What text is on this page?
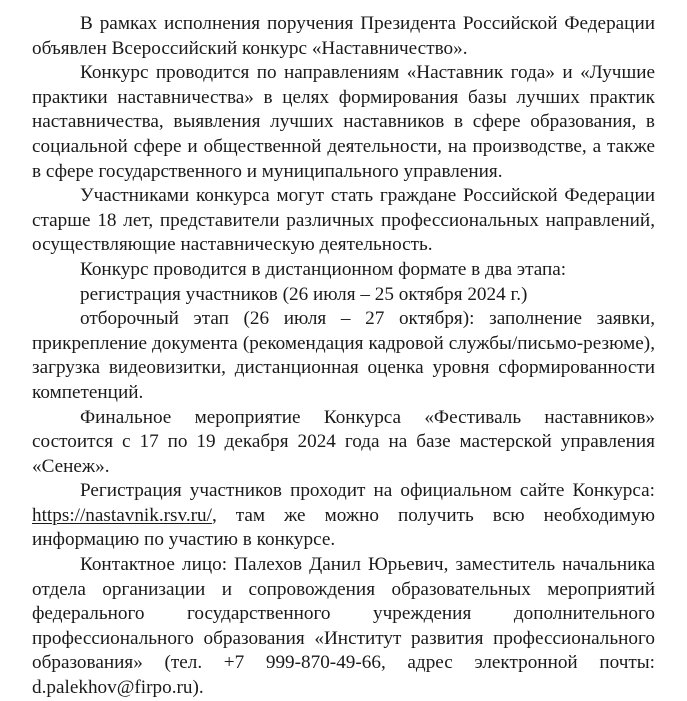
В рамках исполнения поручения Президента Российской Федерации объявлен Всероссийский конкурс «Наставничество».

Конкурс проводится по направлениям «Наставник года» и «Лучшие практики наставничества» в целях формирования базы лучших практик наставничества, выявления лучших наставников в сфере образования, в социальной сфере и общественной деятельности, на производстве, а также в сфере государственного и муниципального управления.

Участниками конкурса могут стать граждане Российской Федерации старше 18 лет, представители различных профессиональных направлений, осуществляющие наставническую деятельность.

Конкурс проводится в дистанционном формате в два этапа:

регистрация участников (26 июля – 25 октября 2024 г.)

отборочный этап (26 июля – 27 октября): заполнение заявки, прикрепление документа (рекомендация кадровой службы/письмо-резюме), загрузка видеовизитки, дистанционная оценка уровня сформированности компетенций.

Финальное мероприятие Конкурса «Фестиваль наставников» состоится с 17 по 19 декабря 2024 года на базе мастерской управления «Сенеж».

Регистрация участников проходит на официальном сайте Конкурса: https://nastavnik.rsv.ru/, там же можно получить всю необходимую информацию по участию в конкурсе.

Контактное лицо: Палехов Данил Юрьевич, заместитель начальника отдела организации и сопровождения образовательных мероприятий федерального государственного учреждения дополнительного профессионального образования «Институт развития профессионального образования» (тел. +7 999-870-49-66, адрес электронной почты: d.palekhov@firpo.ru).
